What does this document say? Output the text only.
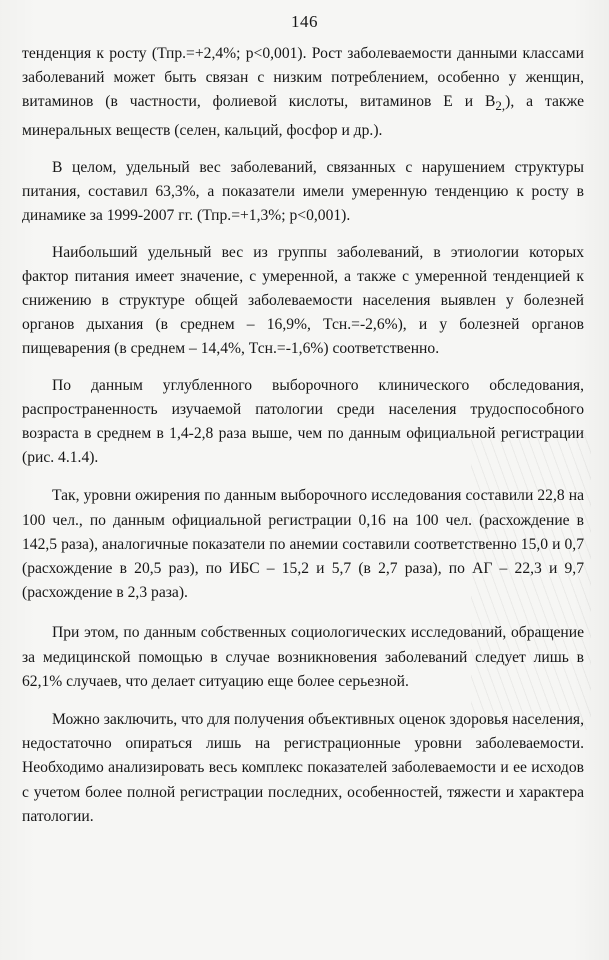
146

тенденция к росту (Тпр.=+2,4%; p<0,001). Рост заболеваемости данными классами заболеваний может быть связан с низким потреблением, особенно у женщин, витаминов (в частности, фолиевой кислоты, витаминов Е и $В_{2,}$), а также минеральных веществ (селен, кальций, фосфор и др.).

В целом, удельный вес заболеваний, связанных с нарушением структуры питания, составил 63,3%, а показатели имели умеренную тенденцию к росту в динамике за 1999-2007 гг. (Тпр.=+1,3%; p<0,001).

Наибольший удельный вес из группы заболеваний, в этиологии которых фактор питания имеет значение, с умеренной, а также с умеренной тенденцией к снижению в структуре общей заболеваемости населения выявлен у болезней органов дыхания (в среднем – 16,9%, Тсн.=-2,6%), и у болезней органов пищеварения (в среднем – 14,4%, Тсн.=-1,6%) соответственно.

По данным углубленного выборочного клинического обследования, распространенность изучаемой патологии среди населения трудоспособного возраста в среднем в 1,4-2,8 раза выше, чем по данным официальной регистрации (рис. 4.1.4).

Так, уровни ожирения по данным выборочного исследования составили 22,8 на 100 чел., по данным официальной регистрации 0,16 на 100 чел. (расхождение в 142,5 раза), аналогичные показатели по анемии составили соответственно 15,0 и 0,7 (расхождение в 20,5 раз), по ИБС – 15,2 и 5,7 (в 2,7 раза), по АГ – 22,3 и 9,7 (расхождение в 2,3 раза).

При этом, по данным собственных социологических исследований, обращение за медицинской помощью в случае возникновения заболеваний следует лишь в 62,1% случаев, что делает ситуацию еще более серьезной.

Можно заключить, что для получения объективных оценок здоровья населения, недостаточно опираться лишь на регистрационные уровни заболеваемости. Необходимо анализировать весь комплекс показателей заболеваемости и ее исходов с учетом более полной регистрации последних, особенностей, тяжести и характера патологии.
